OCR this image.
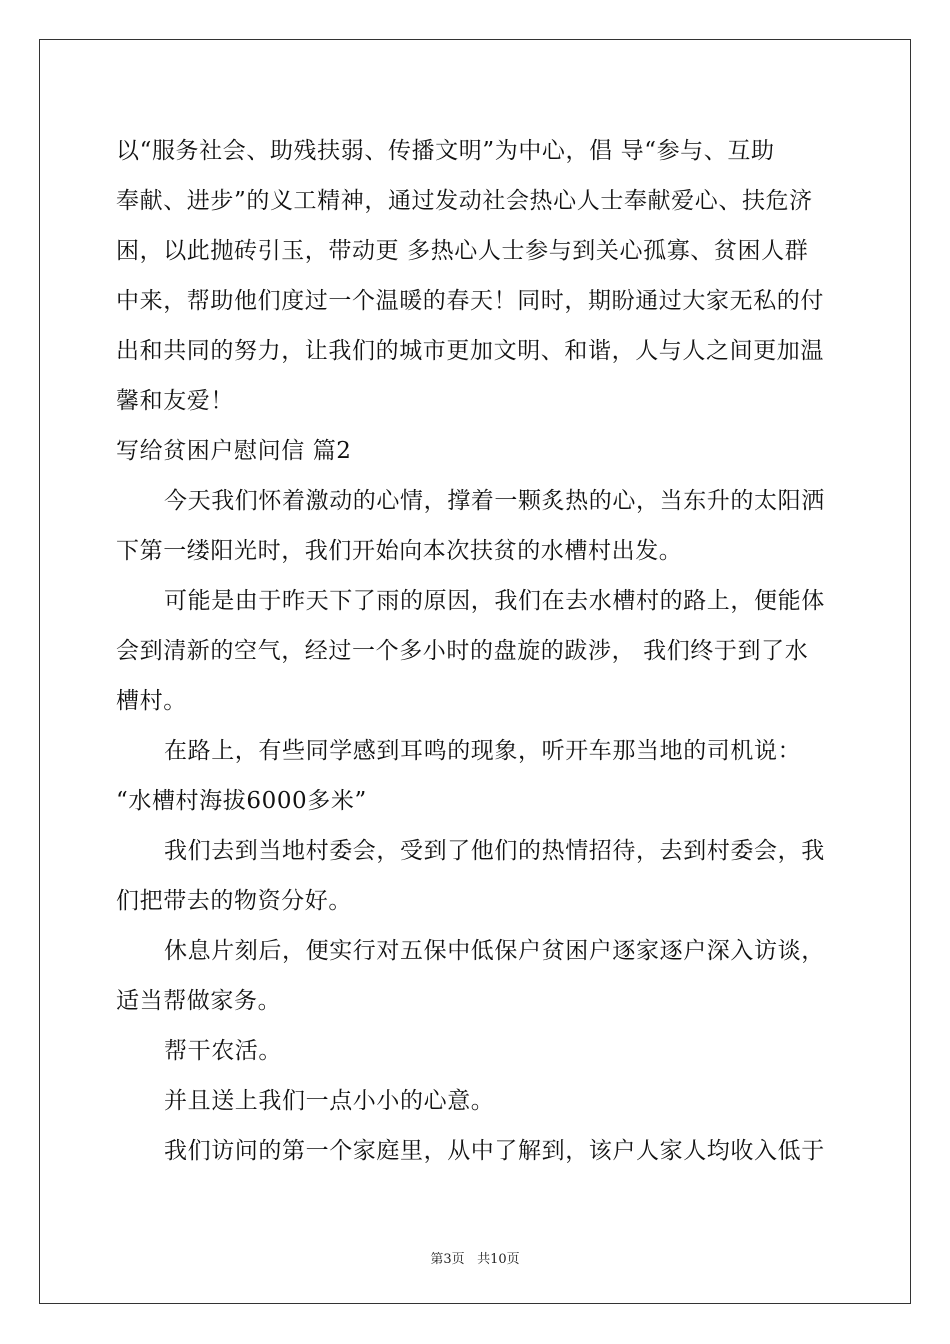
以“服务社会、助残扶弱、传播文明”为中心，倡 导“参与、互助
奉献、进步”的义工精神，通过发动社会热心人士奉献爱心、扶危济
困，以此抛砖引玉，带动更 多热心人士参与到关心孤寡、贫困人群
中来，帮助他们度过一个温暖的春天！同时，期盼通过大家无私的付
出和共同的努力，让我们的城市更加文明、和谐，人与人之间更加温
馨和友爱！
写给贫困户慰问信 篇2
今天我们怀着激动的心情，撑着一颗炙热的心，当东升的太阳洒
下第一缕阳光时，我们开始向本次扶贫的水槽村出发。
可能是由于昨天下了雨的原因，我们在去水槽村的路上，便能体
会到清新的空气，经过一个多小时的盘旋的跋涉， 我们终于到了水
槽村。
在路上，有些同学感到耳鸣的现象，听开车那当地的司机说：
“水槽村海拔6000多米”
我们去到当地村委会，受到了他们的热情招待，去到村委会，我
们把带去的物资分好。
休息片刻后，便实行对五保中低保户贫困户逐家逐户深入访谈，
适当帮做家务。
帮干农活。
并且送上我们一点小小的心意。
我们访问的第一个家庭里，从中了解到，该户人家人均收入低于
第3页 共10页
